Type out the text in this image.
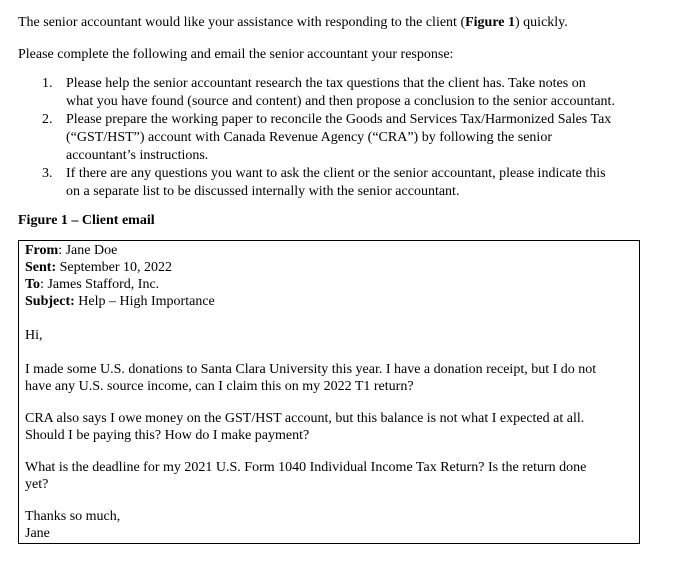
The senior accountant would like your assistance with responding to the client (Figure 1) quickly.

Please complete the following and email the senior accountant your response:

1. Please help the senior accountant research the tax questions that the client has. Take notes on
what you have found (source and content) and then propose a conclusion to the senior accountant.
2. Please prepare the working paper to reconcile the Goods and Services Tax/Harmonized Sales Tax
(“GST/HST”) account with Canada Revenue Agency (“CRA”) by following the senior
accountant’s instructions.
3. If there are any questions you want to ask the client or the senior accountant, please indicate this
on a separate list to be discussed internally with the senior accountant.
Figure 1 – Client email

From: Jane Doe

Sent: September 10, 2022

To: James Stafford, Inc.

Subject: Help – High Importance

Hi,

I made some U.S. donations to Santa Clara University this year. I have a donation receipt, but I do not

have any U.S. source income, can I claim this on my 2022 T1 return?

CRA also says I owe money on the GST/HST account, but this balance is not what I expected at all.

Should I be paying this? How do I make payment?

What is the deadline for my 2021 U.S. Form 1040 Individual Income Tax Return? Is the return done

yet?

Thanks so much,

Jane
